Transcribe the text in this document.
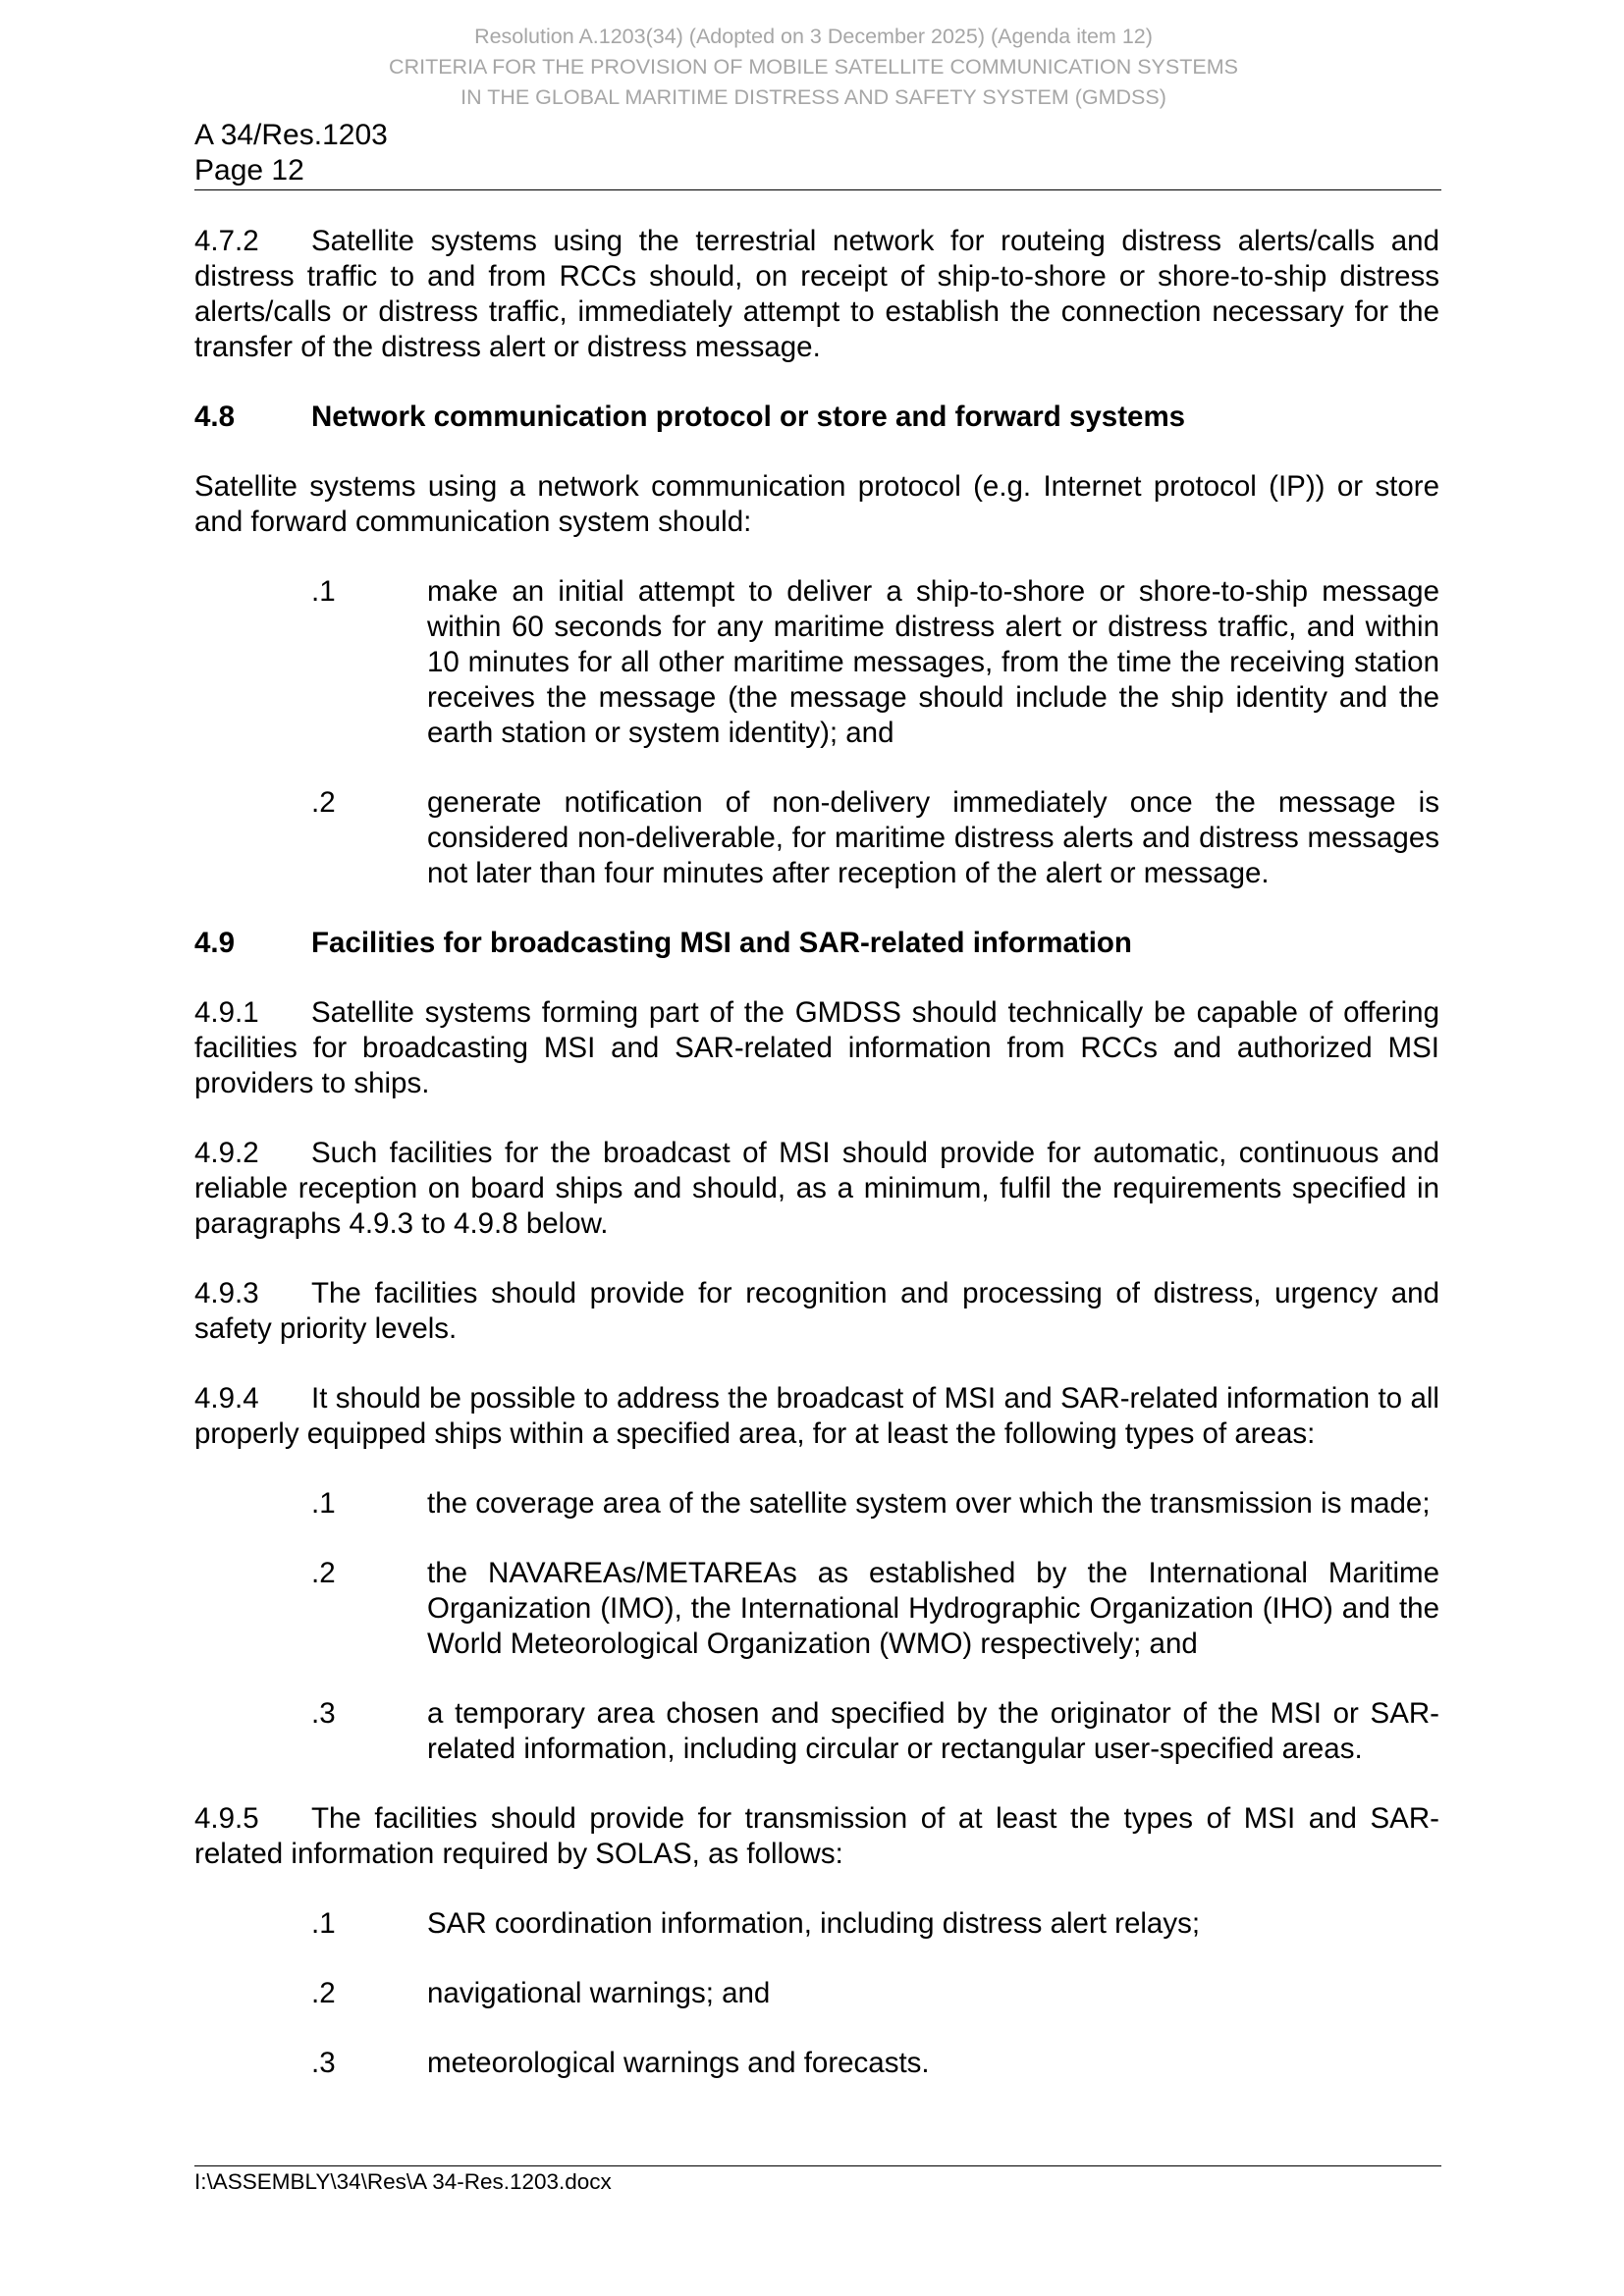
Resolution A.1203(34) (Adopted on 3 December 2025) (Agenda item 12)
CRITERIA FOR THE PROVISION OF MOBILE SATELLITE COMMUNICATION SYSTEMS
IN THE GLOBAL MARITIME DISTRESS AND SAFETY SYSTEM (GMDSS)
A 34/Res.1203
Page 12

4.7.2 Satellite systems using the terrestrial network for routeing distress alerts/calls and distress traffic to and from RCCs should, on receipt of ship-to-shore or shore-to-ship distress alerts/calls or distress traffic, immediately attempt to establish the connection necessary for the transfer of the distress alert or distress message.

4.8	Network communication protocol or store and forward systems

Satellite systems using a network communication protocol (e.g. Internet protocol (IP)) or store and forward communication system should:

.1	make an initial attempt to deliver a ship-to-shore or shore-to-ship message within 60 seconds for any maritime distress alert or distress traffic, and within 10 minutes for all other maritime messages, from the time the receiving station receives the message (the message should include the ship identity and the earth station or system identity); and
.2	generate notification of non-delivery immediately once the message is considered non-deliverable, for maritime distress alerts and distress messages not later than four minutes after reception of the alert or message.
4.9	Facilities for broadcasting MSI and SAR-related information

4.9.1 Satellite systems forming part of the GMDSS should technically be capable of offering facilities for broadcasting MSI and SAR-related information from RCCs and authorized MSI providers to ships.

4.9.2 Such facilities for the broadcast of MSI should provide for automatic, continuous and reliable reception on board ships and should, as a minimum, fulfil the requirements specified in paragraphs 4.9.3 to 4.9.8 below.

4.9.3 The facilities should provide for recognition and processing of distress, urgency and safety priority levels.

4.9.4 It should be possible to address the broadcast of MSI and SAR-related information to all properly equipped ships within a specified area, for at least the following types of areas:

.1	the coverage area of the satellite system over which the transmission is made;
.2	the NAVAREAs/METAREAs as established by the International Maritime Organization (IMO), the International Hydrographic Organization (IHO) and the World Meteorological Organization (WMO) respectively; and
.3	a temporary area chosen and specified by the originator of the MSI or SAR-related information, including circular or rectangular user-specified areas.

4.9.5 The facilities should provide for transmission of at least the types of MSI and SAR-related information required by SOLAS, as follows:

.1	SAR coordination information, including distress alert relays;
.2	navigational warnings; and
.3	meteorological warnings and forecasts.
I:\ASSEMBLY\34\Res\A 34-Res.1203.docx
